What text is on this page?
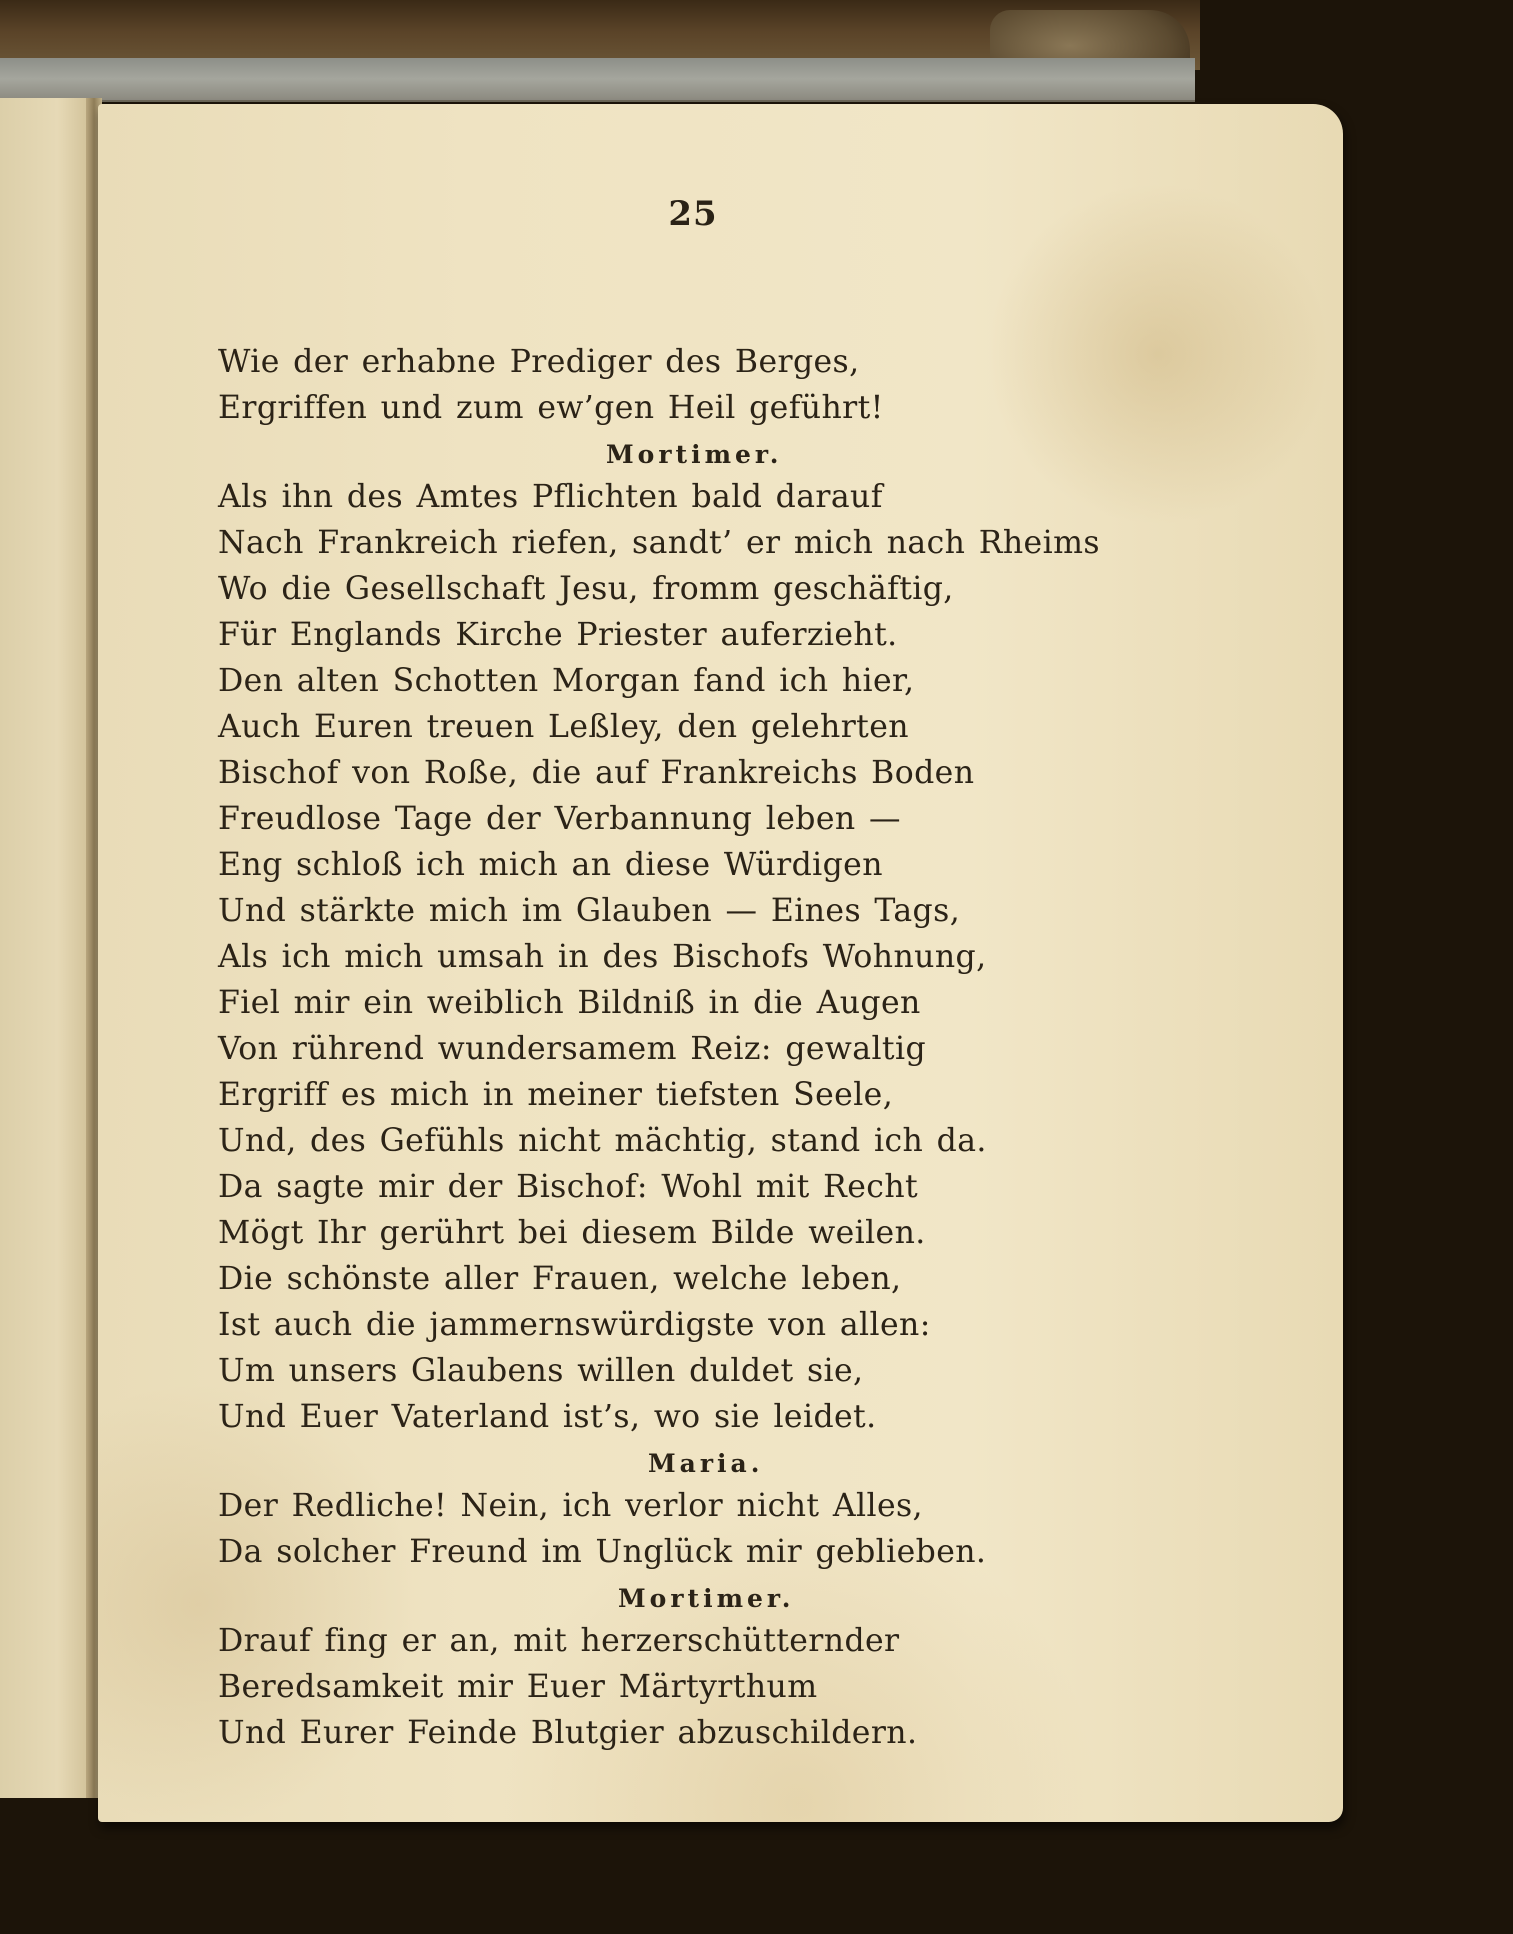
25
Wie der erhabne Prediger des Berges,
Ergriffen und zum ew’gen Heil geführt!
Mortimer.
Als ihn des Amtes Pflichten bald darauf
Nach Frankreich riefen, sandt’ er mich nach Rheims
Wo die Gesellschaft Jesu, fromm geschäftig,
Für Englands Kirche Priester auferzieht.
Den alten Schotten Morgan fand ich hier,
Auch Euren treuen Leßley, den gelehrten
Bischof von Roße, die auf Frankreichs Boden
Freudlose Tage der Verbannung leben —
Eng schloß ich mich an diese Würdigen
Und stärkte mich im Glauben — Eines Tags,
Als ich mich umsah in des Bischofs Wohnung,
Fiel mir ein weiblich Bildniß in die Augen
Von rührend wundersamem Reiz: gewaltig
Ergriff es mich in meiner tiefsten Seele,
Und, des Gefühls nicht mächtig, stand ich da.
Da sagte mir der Bischof: Wohl mit Recht
Mögt Ihr gerührt bei diesem Bilde weilen.
Die schönste aller Frauen, welche leben,
Ist auch die jammernswürdigste von allen:
Um unsers Glaubens willen duldet sie,
Und Euer Vaterland ist’s, wo sie leidet.
Maria.
Der Redliche! Nein, ich verlor nicht Alles,
Da solcher Freund im Unglück mir geblieben.
Mortimer.
Drauf fing er an, mit herzerschütternder
Beredsamkeit mir Euer Märtyrthum
Und Eurer Feinde Blutgier abzuschildern.
